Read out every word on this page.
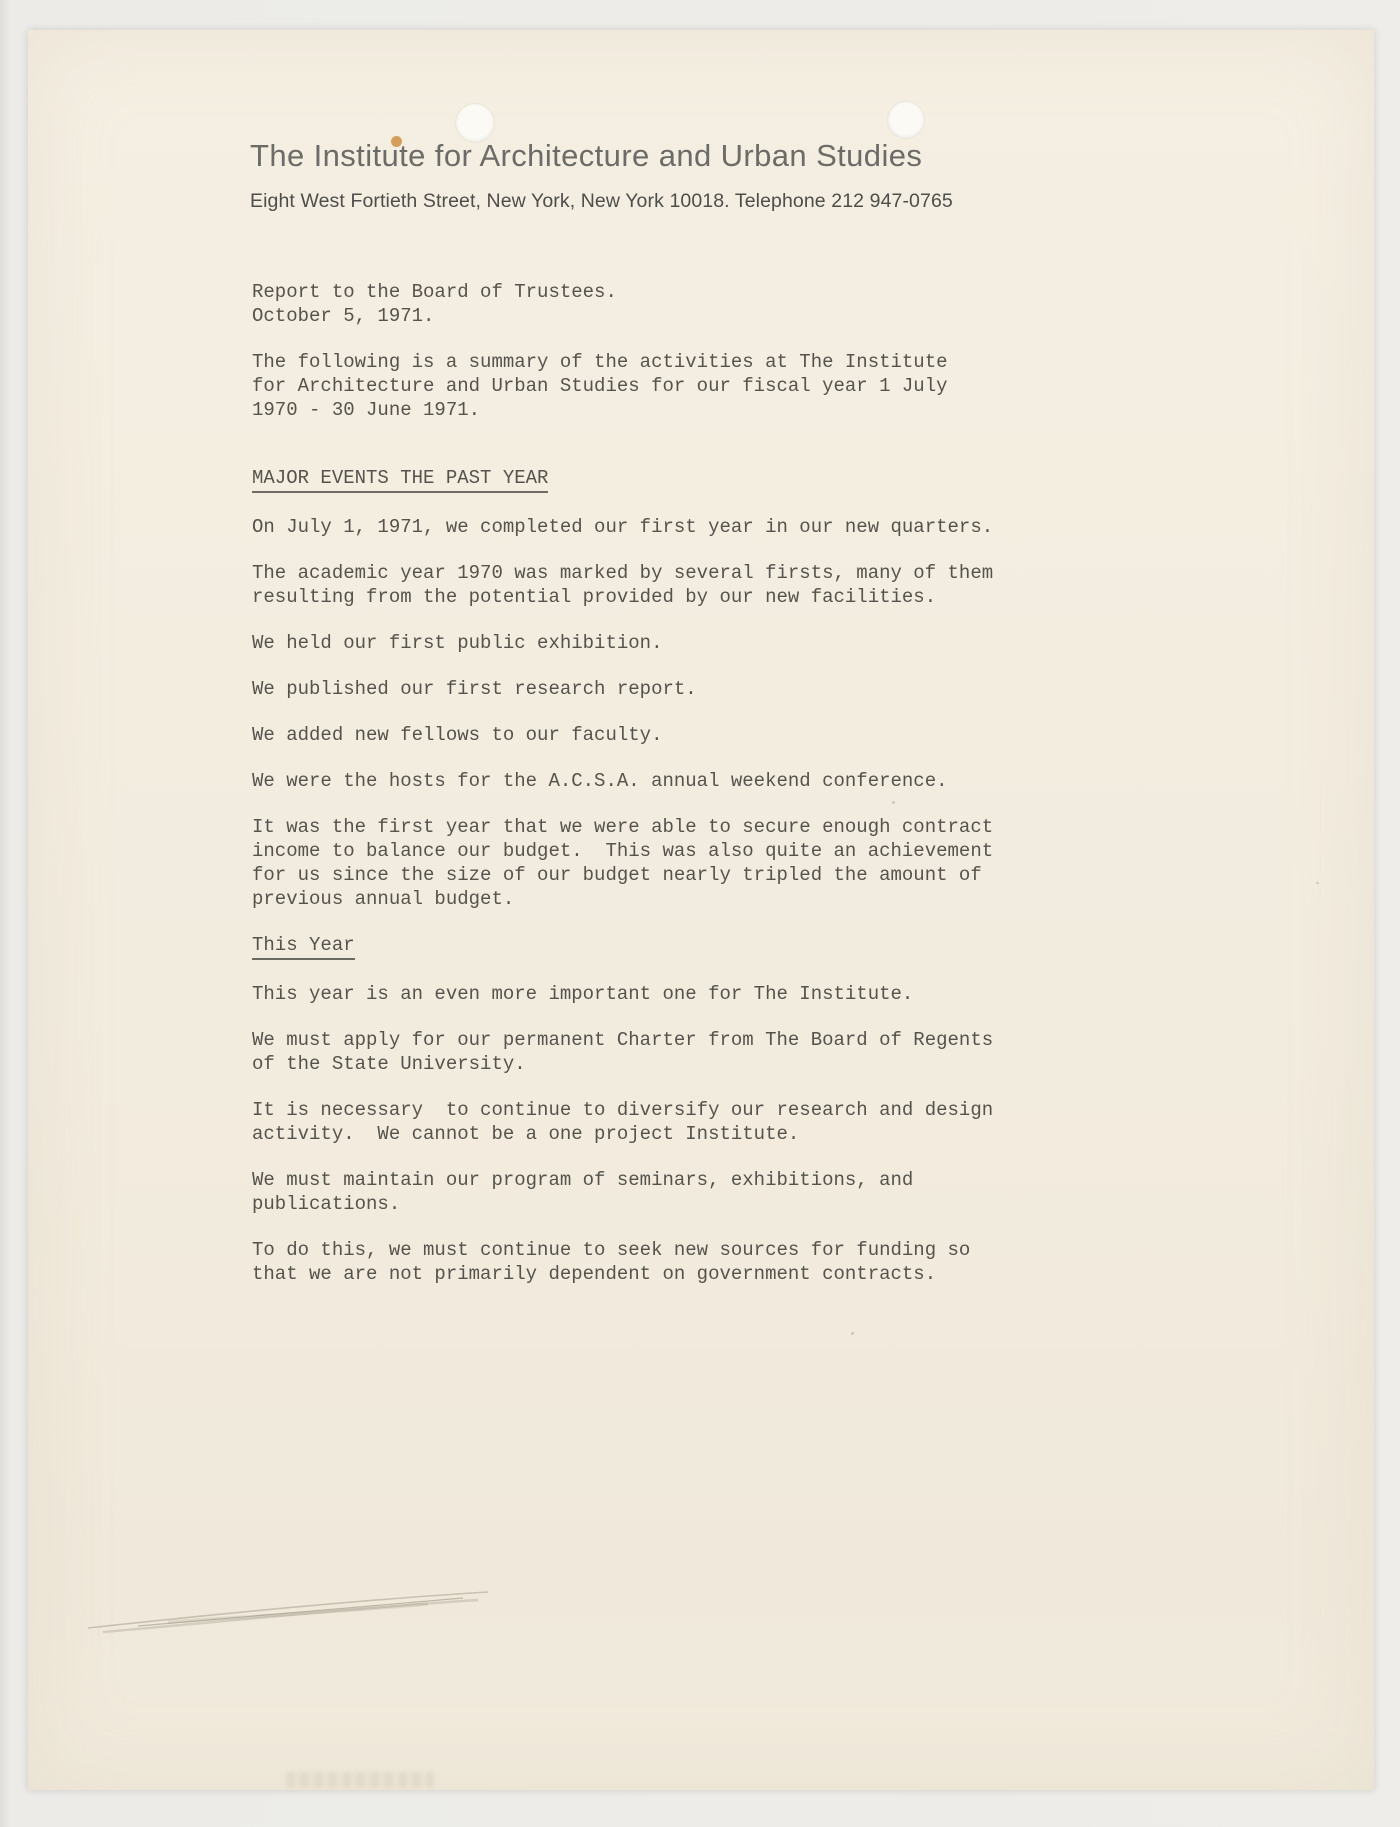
The Institute for Architecture and Urban Studies
Eight West Fortieth Street, New York, New York 10018. Telephone 212 947-0765
Report to the Board of Trustees.
October 5, 1971.
The following is a summary of the activities at The Institute
for Architecture and Urban Studies for our fiscal year 1 July
1970 - 30 June 1971.
MAJOR EVENTS THE PAST YEAR
On July 1, 1971, we completed our first year in our new quarters.
The academic year 1970 was marked by several firsts, many of them
resulting from the potential provided by our new facilities.
We held our first public exhibition.
We published our first research report.
We added new fellows to our faculty.
We were the hosts for the A.C.S.A. annual weekend conference.
It was the first year that we were able to secure enough contract
income to balance our budget.  This was also quite an achievement
for us since the size of our budget nearly tripled the amount of
previous annual budget.
This Year
This year is an even more important one for The Institute.
We must apply for our permanent Charter from The Board of Regents
of the State University.
It is necessary  to continue to diversify our research and design
activity.  We cannot be a one project Institute.
We must maintain our program of seminars, exhibitions, and
publications.
To do this, we must continue to seek new sources for funding so
that we are not primarily dependent on government contracts.
